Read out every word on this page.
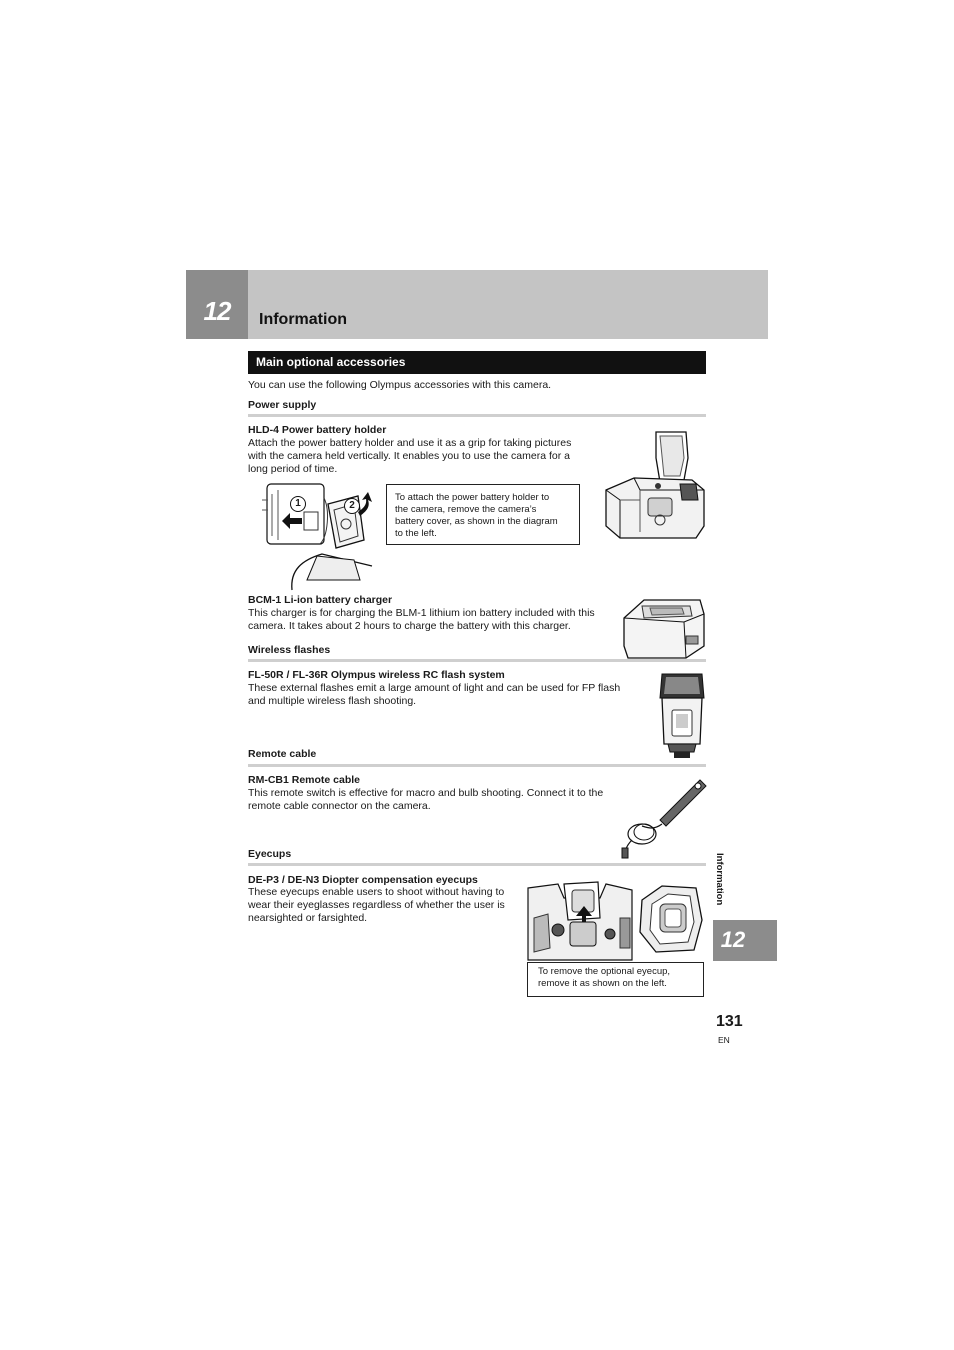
12	Information
Main optional accessories
You can use the following Olympus accessories with this camera.
Power supply
HLD-4 Power battery holder
Attach the power battery holder and use it as a grip for taking pictures
with the camera held vertically. It enables you to use the camera for a
long period of time.
1	2
To attach the power battery holder to
the camera, remove the camera’s
battery cover, as shown in the diagram
to the left.
BCM-1 Li-ion battery charger
This charger is for charging the BLM-1 lithium ion battery included with this
camera. It takes about 2 hours to charge the battery with this charger.
Wireless flashes
FL-50R / FL-36R Olympus wireless RC flash system
These external flashes emit a large amount of light and can be used for FP flash
and multiple wireless flash shooting.
Remote cable
RM-CB1 Remote cable
This remote switch is effective for macro and bulb shooting. Connect it to the
remote cable connector on the camera.
Eyecups
DE-P3 / DE-N3 Diopter compensation eyecups
These eyecups enable users to shoot without having to
wear their eyeglasses regardless of whether the user is
nearsighted or farsighted.
To remove the optional eyecup,
remove it as shown on the left.
Information
12
131
EN
